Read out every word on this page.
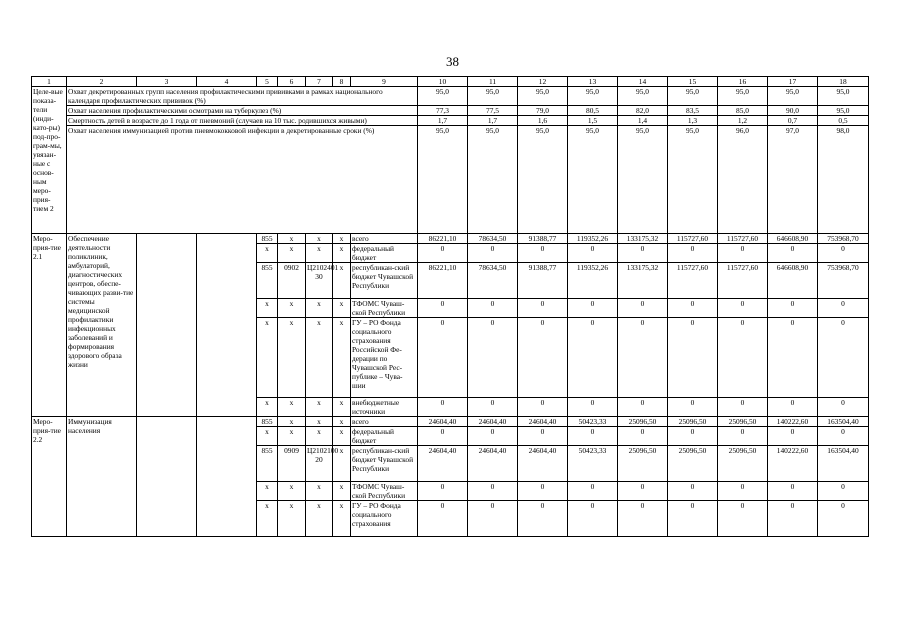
38
1	2	3	4	5	6	7	8	9	10	11	12	13	14	15	16	17	18
Целе-вые показа-тели (инди-като-ры) под-про-грам-мы, увязан-ные с основ-ным меро-прия-тием 2	Охват декретированных групп населения профилактическими прививками в рамках национального календаря профилактических прививок (%)								95,0	95,0	95,0	95,0	95,0	95,0	95,0	95,0	95,0
	Охват населения профилактическими осмотрами на туберкулез (%)								77,3	77,5	79,0	80,5	82,0	83,5	85,0	90,0	95,0
	Смертность детей в возрасте до 1 года от пневмоний (случаев на 10 тыс. родившихся живыми)								1,7	1,7	1,6	1,5	1,4	1,3	1,2	0,7	0,5
	Охват населения иммунизацией против пневмококковой инфекции в декретированные сроки (%)								95,0	95,0	95,0	95,0	95,0	95,0	96,0	97,0	98,0
Меро-прия-тие 2.1	Обеспечение деятельности поликлиник, амбулаторий, диагностических центров, обеспе-чивающих разви-тие системы медицинской профилактики инфекционных заболеваний и формирования здорового образа жизни			855	x	x	x	всего	86221,10	78634,50	91388,77	119352,26	133175,32	115727,60	115727,60	646608,90	753968,70
				x	x	x	x	федеральный бюджет	0	0	0	0	0	0	0	0	0
				855	0902	Ц2102401 30	x	республикан-ский бюджет Чувашской Республики	86221,10	78634,50	91388,77	119352,26	133175,32	115727,60	115727,60	646608,90	753968,70
				x	x	x	x	ТФОМС Чуваш-ской Республики	0	0	0	0	0	0	0	0	0
				x	x	x	x	ГУ – РО Фонда социального страхования Российской Фе-дерации по Чувашской Рес-публике – Чува-шии	0	0	0	0	0	0	0	0	0
				x	x	x	x	внебюджетные источники	0	0	0	0	0	0	0	0	0
Меро-прия-тие 2.2	Иммунизация населения			855	x	x	x	всего	24604,40	24604,40	24604,40	50423,33	25096,50	25096,50	25096,50	140222,60	163504,40
				x	x	x	x	федеральный бюджет	0	0	0	0	0	0	0	0	0
				855	0909	Ц2102100 20	x	республикан-ский бюджет Чувашской Республики	24604,40	24604,40	24604,40	50423,33	25096,50	25096,50	25096,50	140222,60	163504,40
				x	x	x	x	ТФОМС Чуваш-ской Республики	0	0	0	0	0	0	0	0	0
				x	x	x	x	ГУ – РО Фонда социального страхования	0	0	0	0	0	0	0	0	0
